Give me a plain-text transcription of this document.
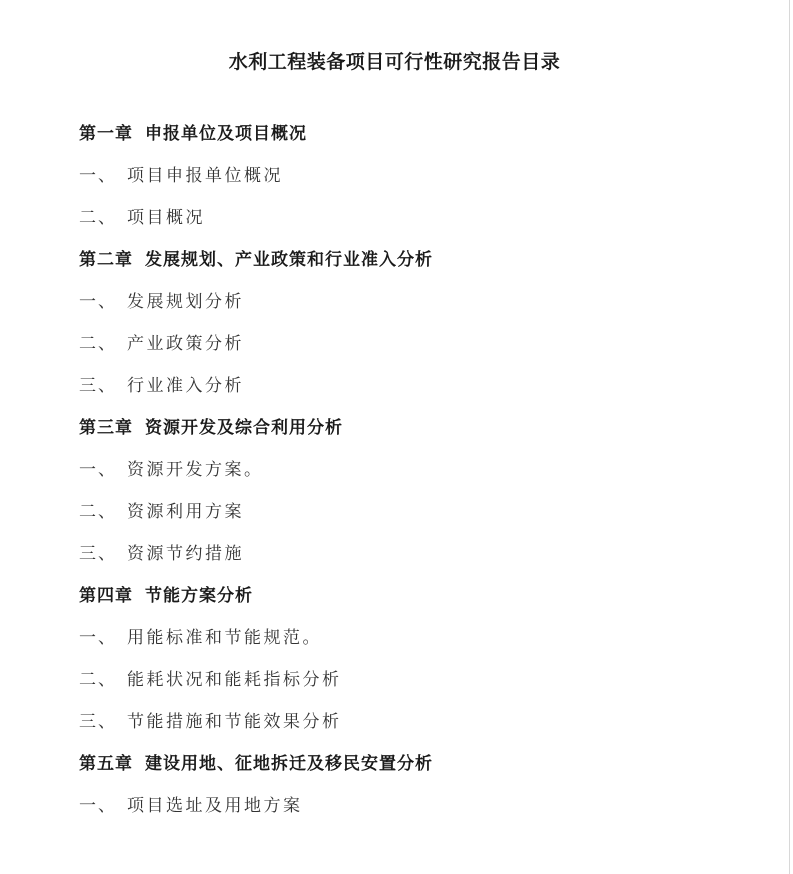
水利工程装备项目可行性研究报告目录
第一章 申报单位及项目概况
一、 项目申报单位概况
二、 项目概况
第二章 发展规划、产业政策和行业准入分析
一、 发展规划分析
二、 产业政策分析
三、 行业准入分析
第三章 资源开发及综合利用分析
一、 资源开发方案。
二、 资源利用方案
三、 资源节约措施
第四章 节能方案分析
一、 用能标准和节能规范。
二、 能耗状况和能耗指标分析
三、 节能措施和节能效果分析
第五章 建设用地、征地拆迁及移民安置分析
一、 项目选址及用地方案
